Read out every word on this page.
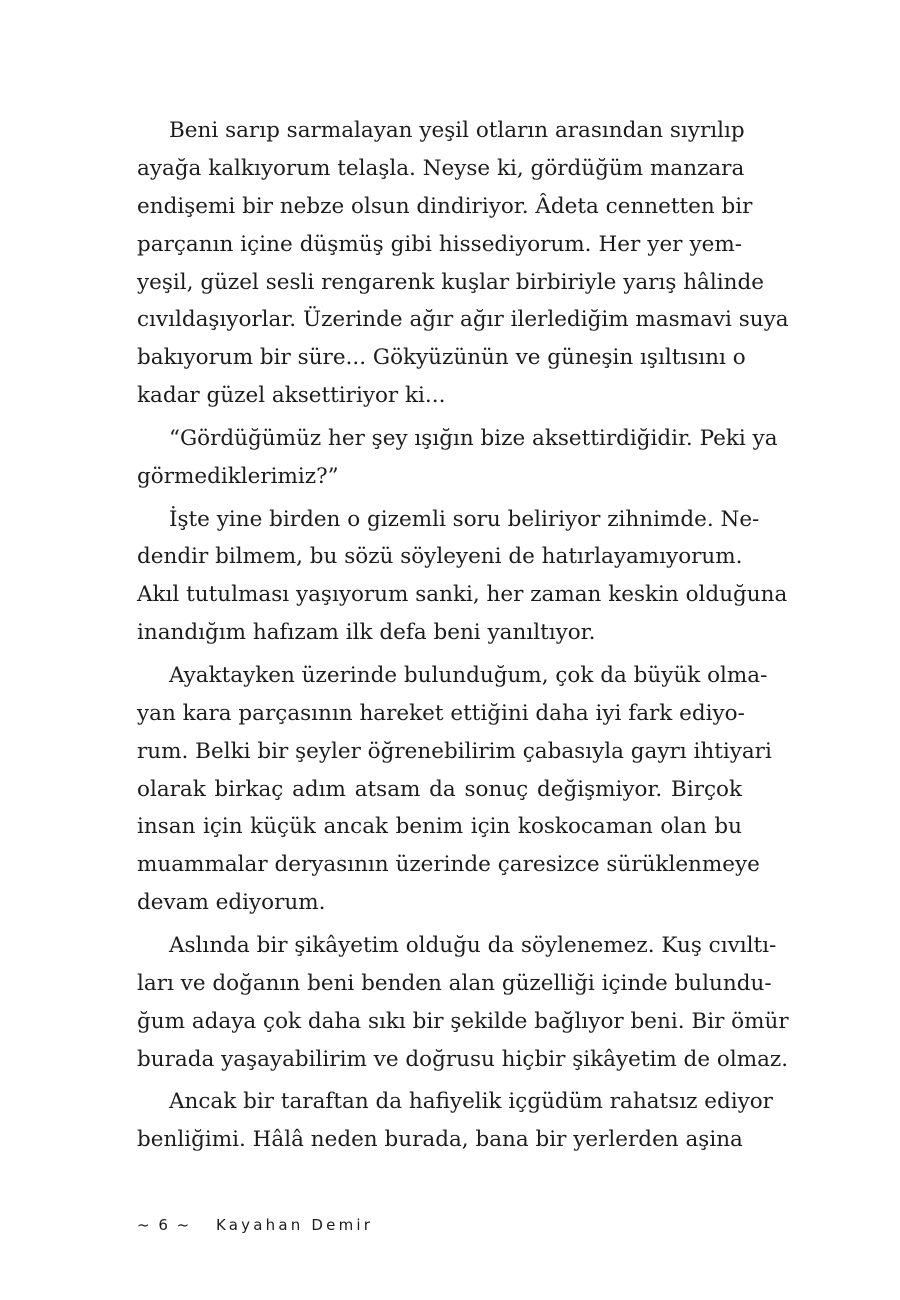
Beni sarıp sarmalayan yeşil otların arasından sıyrılıp
ayağa kalkıyorum telaşla. Neyse ki, gördüğüm manzara
endişemi bir nebze olsun dindiriyor. Âdeta cennetten bir
parçanın içine düşmüş gibi hissediyorum. Her yer yem-
yeşil, güzel sesli rengarenk kuşlar birbiriyle yarış hâlinde
cıvıldaşıyorlar. Üzerinde ağır ağır ilerlediğim masmavi suya
bakıyorum bir süre... Gökyüzünün ve güneşin ışıltısını o
kadar güzel aksettiriyor ki...
“Gördüğümüz her şey ışığın bize aksettirdiğidir. Peki ya
görmediklerimiz?”
İşte yine birden o gizemli soru beliriyor zihnimde. Ne-
dendir bilmem, bu sözü söyleyeni de hatırlayamıyorum.
Akıl tutulması yaşıyorum sanki, her zaman keskin olduğuna
inandığım hafızam ilk defa beni yanıltıyor.
Ayaktayken üzerinde bulunduğum, çok da büyük olma-
yan kara parçasının hareket ettiğini daha iyi fark ediyo-
rum. Belki bir şeyler öğrenebilirim çabasıyla gayrı ihtiyari
olarak birkaç adım atsam da sonuç değişmiyor. Birçok
insan için küçük ancak benim için koskocaman olan bu
muammalar deryasının üzerinde çaresizce sürüklenmeye
devam ediyorum.
Aslında bir şikâyetim olduğu da söylenemez. Kuş cıvıltı-
ları ve doğanın beni benden alan güzelliği içinde bulundu-
ğum adaya çok daha sıkı bir şekilde bağlıyor beni. Bir ömür
burada yaşayabilirim ve doğrusu hiçbir şikâyetim de olmaz.
Ancak bir taraftan da hafiyelik içgüdüm rahatsız ediyor
benliğimi. Hâlâ neden burada, bana bir yerlerden aşina
~ 6 ~ Kayahan Demir
